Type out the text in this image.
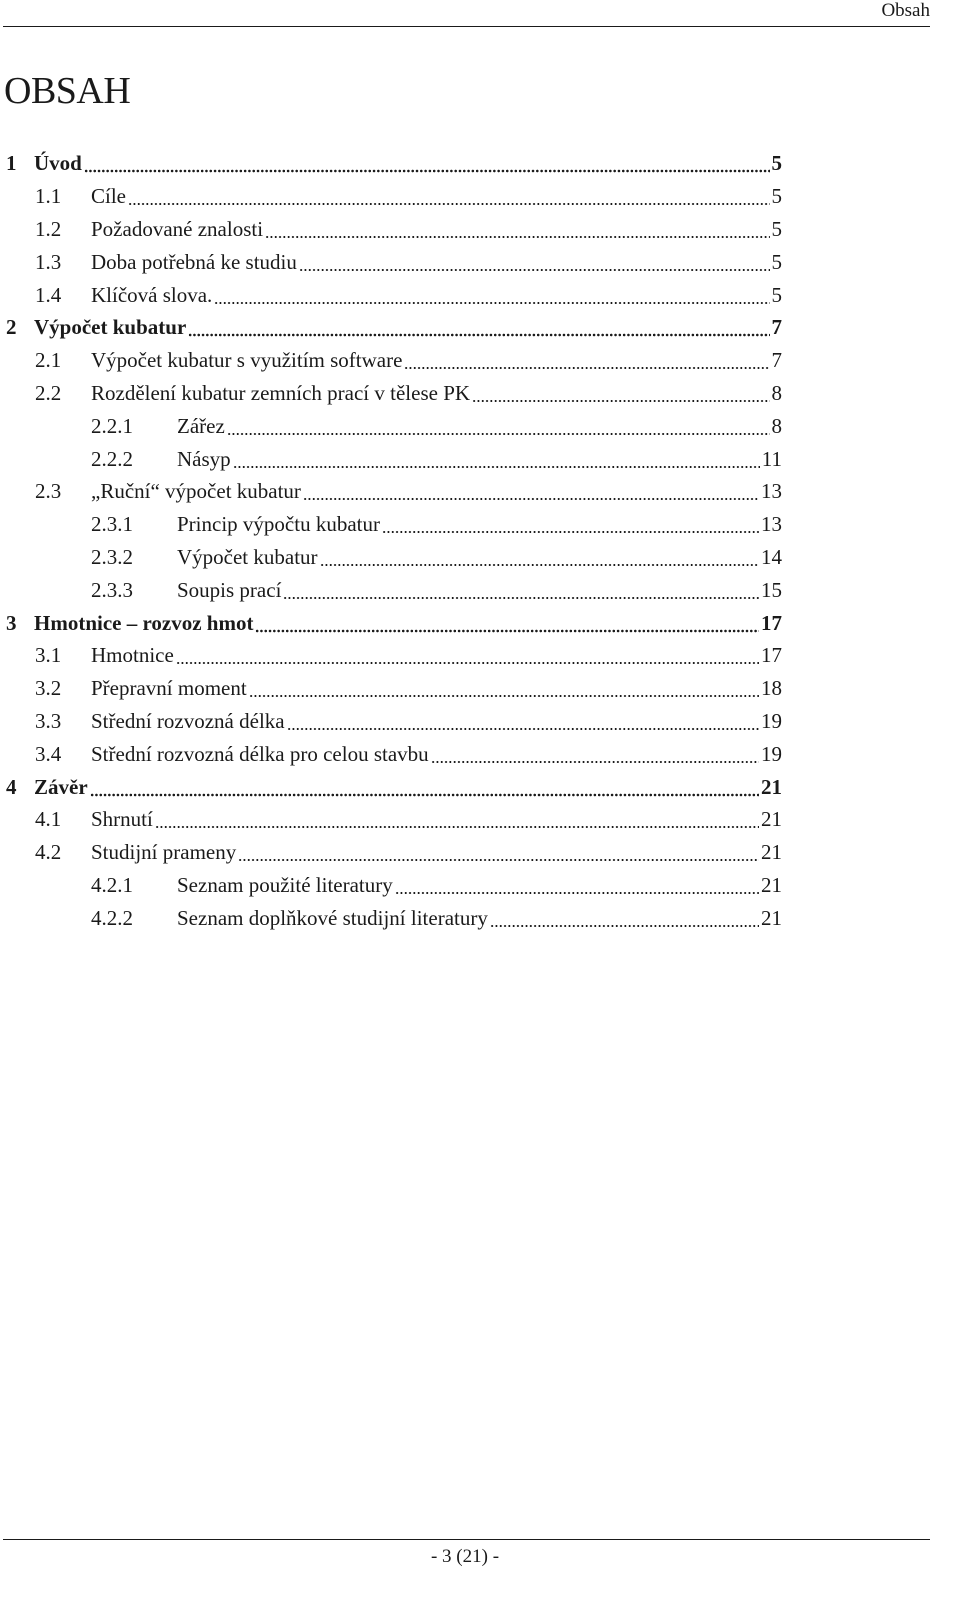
Obsah
OBSAH
1 Úvod	5
1.1	Cíle	5
1.2	Požadované znalosti	5
1.3	Doba potřebná ke studiu	5
1.4	Klíčová slova.	5
2 Výpočet kubatur	7
2.1	Výpočet kubatur s využitím software	7
2.2	Rozdělení kubatur zemních prací v tělese PK	8
2.2.1	Zářez	8
2.2.2	Násyp	11
2.3	„Ruční“ výpočet kubatur	13
2.3.1	Princip výpočtu kubatur	13
2.3.2	Výpočet kubatur	14
2.3.3	Soupis prací	15
3 Hmotnice – rozvoz hmot	17
3.1	Hmotnice	17
3.2	Přepravní moment	18
3.3	Střední rozvozná délka	19
3.4	Střední rozvozná délka pro celou stavbu	19
4 Závěr	21
4.1	Shrnutí	21
4.2	Studijní prameny	21
4.2.1	Seznam použité literatury	21
4.2.2	Seznam doplňkové studijní literatury	21
- 3 (21) -
